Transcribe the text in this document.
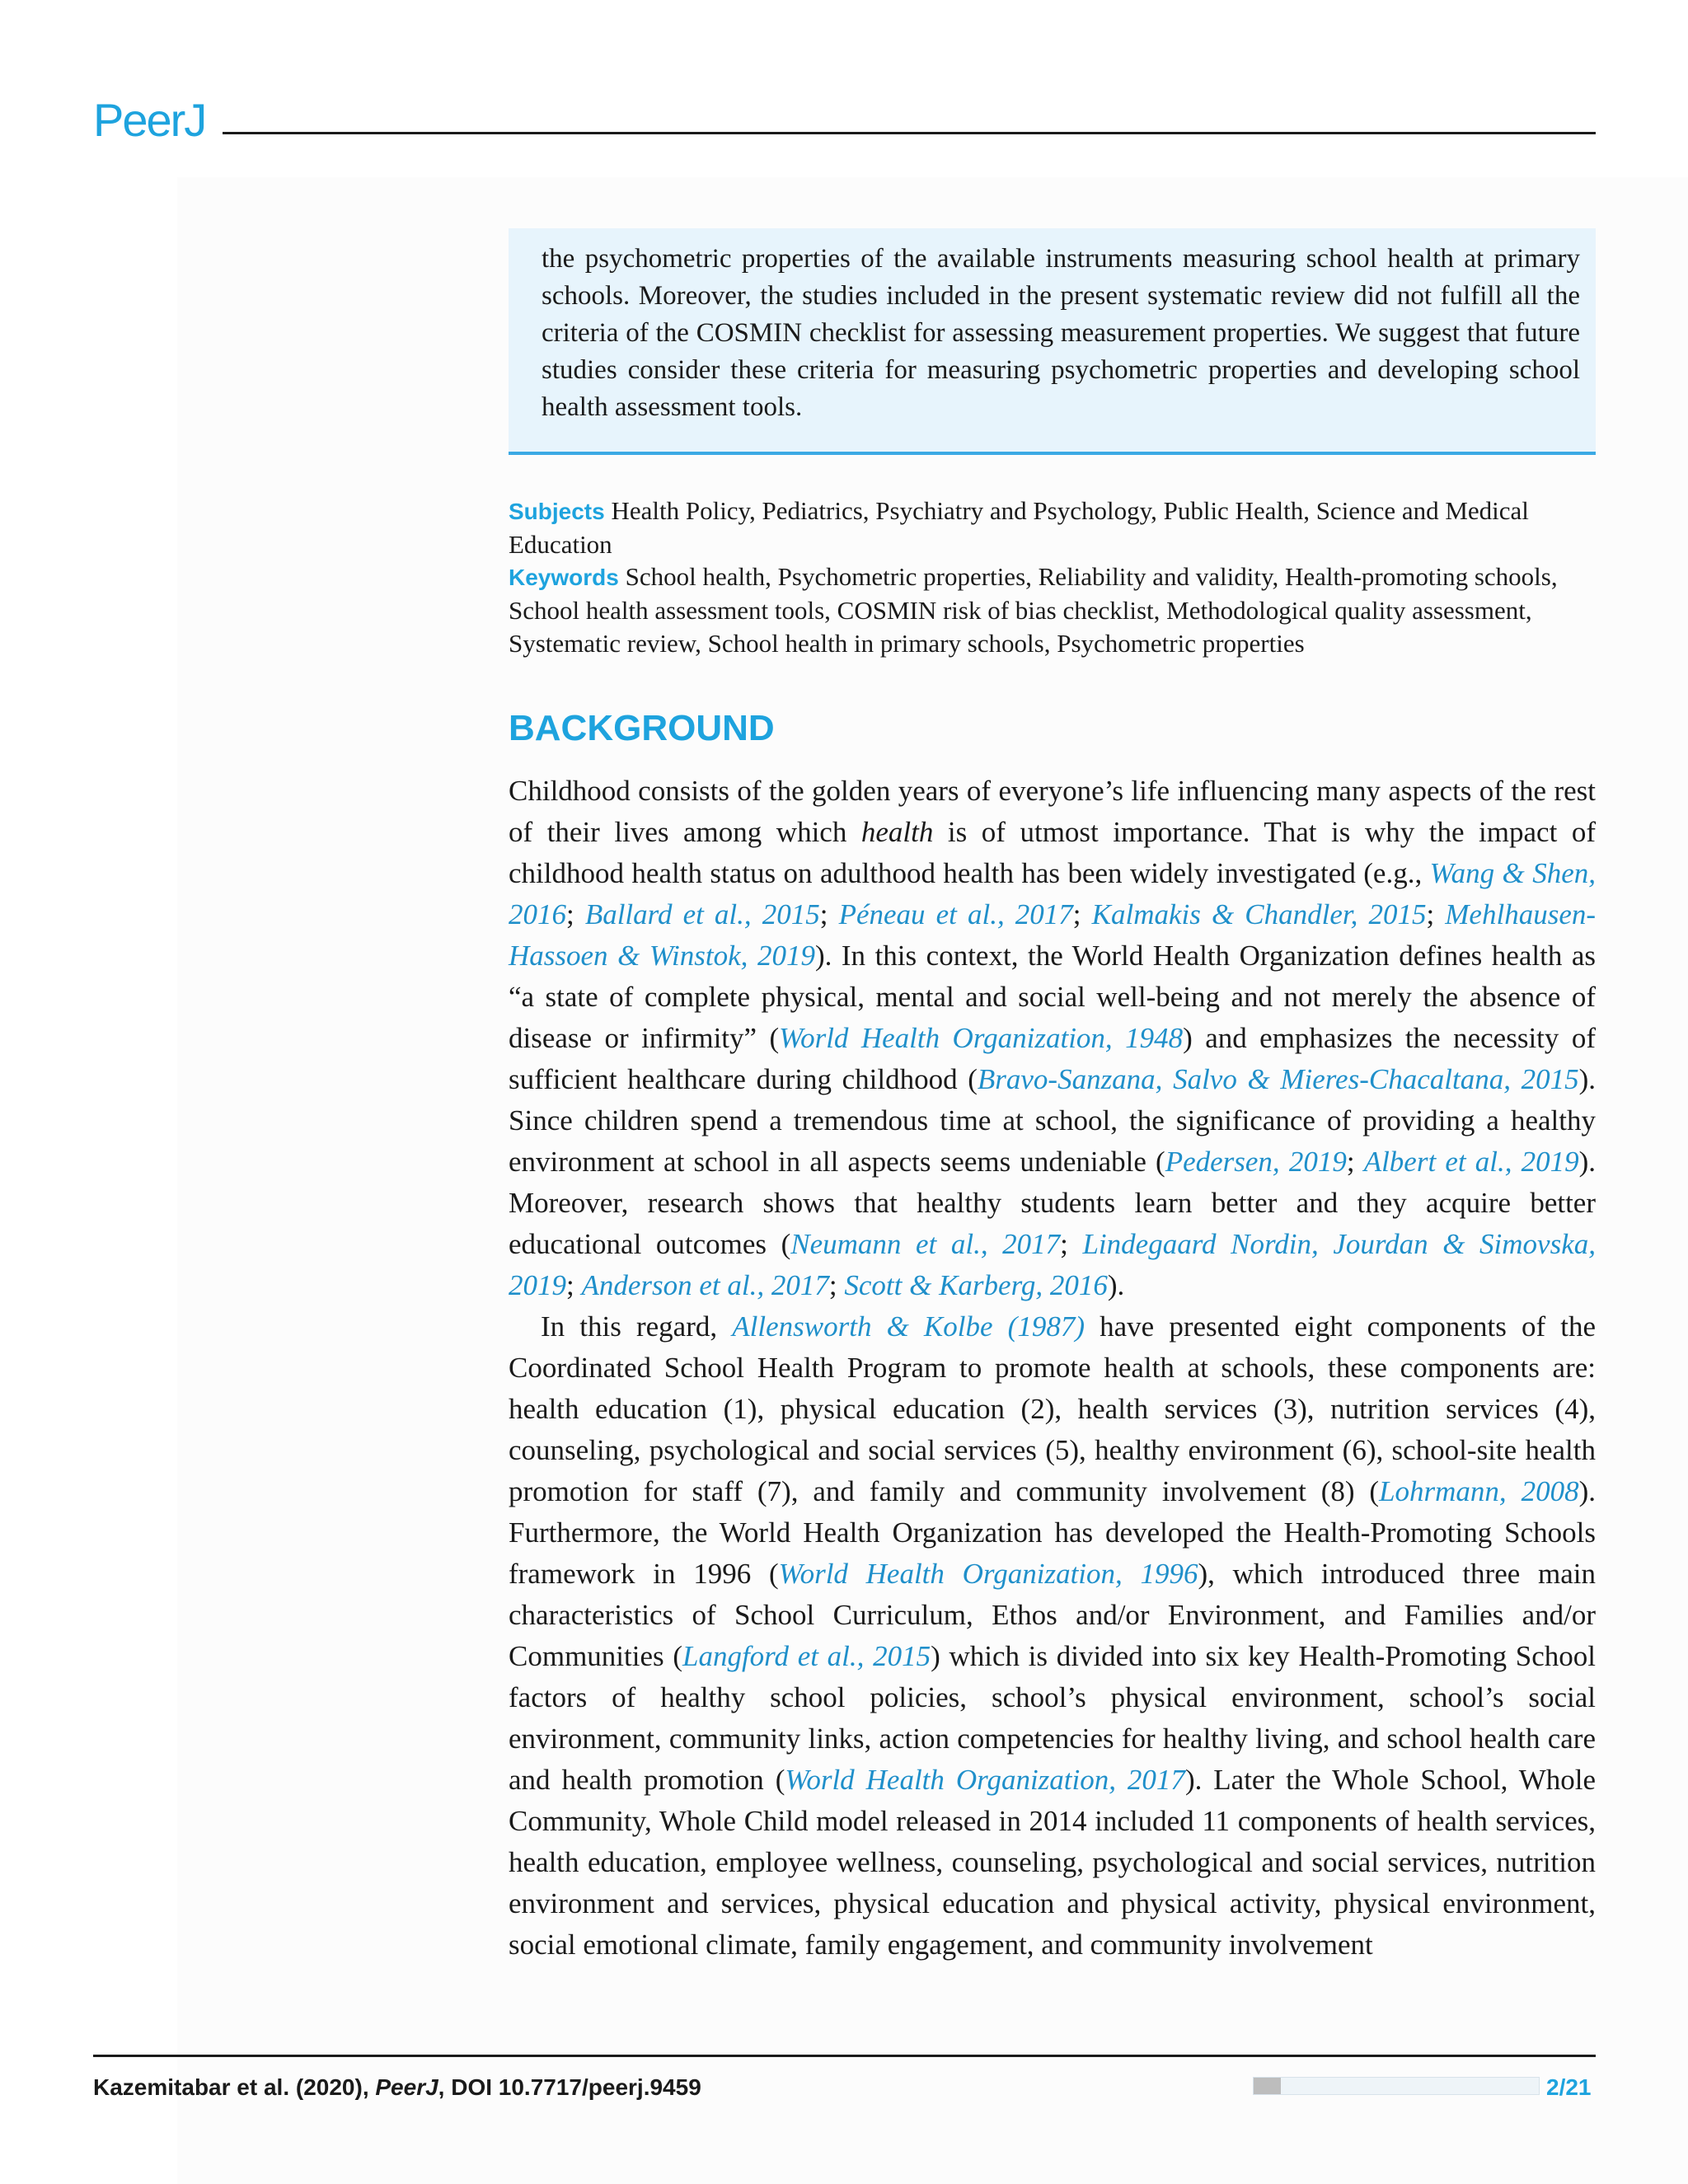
PeerJ
the psychometric properties of the available instruments measuring school health at primary schools. Moreover, the studies included in the present systematic review did not fulfill all the criteria of the COSMIN checklist for assessing measurement properties. We suggest that future studies consider these criteria for measuring psychometric properties and developing school health assessment tools.
Subjects Health Policy, Pediatrics, Psychiatry and Psychology, Public Health, Science and Medical Education
Keywords School health, Psychometric properties, Reliability and validity, Health-promoting schools, School health assessment tools, COSMIN risk of bias checklist, Methodological quality assessment, Systematic review, School health in primary schools, Psychometric properties
BACKGROUND

Childhood consists of the golden years of everyone’s life influencing many aspects of the rest of their lives among which health is of utmost importance. That is why the impact of childhood health status on adulthood health has been widely investigated (e.g., Wang & Shen, 2016; Ballard et al., 2015; Péneau et al., 2017; Kalmakis & Chandler, 2015; Mehlhausen-Hassoen & Winstok, 2019). In this context, the World Health Organization defines health as “a state of complete physical, mental and social well-being and not merely the absence of disease or infirmity” (World Health Organization, 1948) and emphasizes the necessity of sufficient healthcare during childhood (Bravo-Sanzana, Salvo & Mieres-Chacaltana, 2015). Since children spend a tremendous time at school, the significance of providing a healthy environment at school in all aspects seems undeniable (Pedersen, 2019; Albert et al., 2019). Moreover, research shows that healthy students learn better and they acquire better educational outcomes (Neumann et al., 2017; Lindegaard Nordin, Jourdan & Simovska, 2019; Anderson et al., 2017; Scott & Karberg, 2016).

In this regard, Allensworth & Kolbe (1987) have presented eight components of the Coordinated School Health Program to promote health at schools, these components are: health education (1), physical education (2), health services (3), nutrition services (4), counseling, psychological and social services (5), healthy environment (6), school-site health promotion for staff (7), and family and community involvement (8) (Lohrmann, 2008). Furthermore, the World Health Organization has developed the Health-Promoting Schools framework in 1996 (World Health Organization, 1996), which introduced three main characteristics of School Curriculum, Ethos and/or Environment, and Families and/or Communities (Langford et al., 2015) which is divided into six key Health-Promoting School factors of healthy school policies, school’s physical environment, school’s social environment, community links, action competencies for healthy living, and school health care and health promotion (World Health Organization, 2017). Later the Whole School, Whole Community, Whole Child model released in 2014 included 11 components of health services, health education, employee wellness, counseling, psychological and social services, nutrition environment and services, physical education and physical activity, physical environment, social emotional climate, family engagement, and community involvement

Kazemitabar et al. (2020), PeerJ, DOI 10.7717/peerj.9459	2/21
